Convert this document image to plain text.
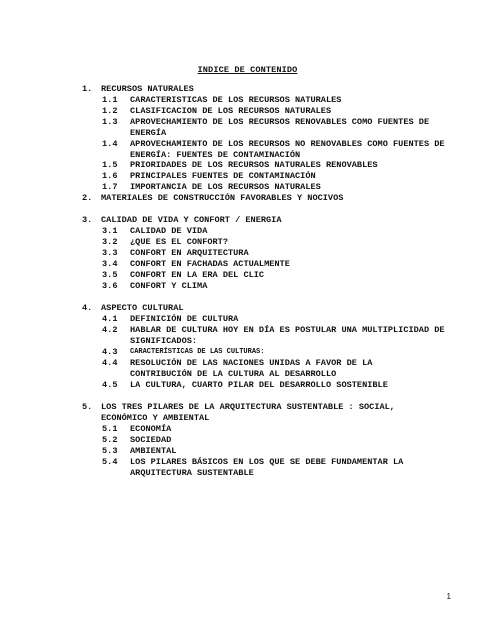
INDICE DE CONTENIDO
1. RECURSOS NATURALES
1.1 CARACTERISTICAS DE LOS RECURSOS NATURALES
1.2 CLASIFICACION DE LOS RECURSOS NATURALES
1.3 APROVECHAMIENTO DE LOS RECURSOS RENOVABLES COMO FUENTES DE ENERGÍA
1.4 APROVECHAMIENTO DE LOS RECURSOS NO RENOVABLES COMO FUENTES DE ENERGÍA: FUENTES DE CONTAMINACIÓN
1.5 PRIORIDADES DE LOS RECURSOS NATURALES RENOVABLES
1.6 PRINCIPALES FUENTES DE CONTAMINACIÓN
1.7 IMPORTANCIA DE LOS RECURSOS NATURALES
2. MATERIALES DE CONSTRUCCIÓN FAVORABLES Y NOCIVOS
3. CALIDAD DE VIDA Y CONFORT / ENERGIA
3.1 CALIDAD DE VIDA
3.2 ¿QUE ES EL CONFORT?
3.3 CONFORT EN ARQUITECTURA
3.4 CONFORT EN FACHADAS ACTUALMENTE
3.5 CONFORT EN LA ERA DEL CLIC
3.6 CONFORT Y CLIMA
4. ASPECTO CULTURAL
4.1 DEFINICIÓN DE CULTURA
4.2 HABLAR DE CULTURA HOY EN DÍA ES POSTULAR UNA MULTIPLICIDAD DE SIGNIFICADOS:
4.3 CARACTERÍSTICAS DE LAS CULTURAS:
4.4 RESOLUCIÓN DE LAS NACIONES UNIDAS A FAVOR DE LA CONTRIBUCIÓN DE LA CULTURA AL DESARROLLO
4.5 LA CULTURA, CUARTO PILAR DEL DESARROLLO SOSTENIBLE
5. LOS TRES PILARES DE LA ARQUITECTURA SUSTENTABLE : SOCIAL, ECONÓMICO Y AMBIENTAL
5.1 ECONOMÍA
5.2 SOCIEDAD
5.3 AMBIENTAL
5.4 LOS PILARES BÁSICOS EN LOS QUE SE DEBE FUNDAMENTAR LA ARQUITECTURA SUSTENTABLE
1
